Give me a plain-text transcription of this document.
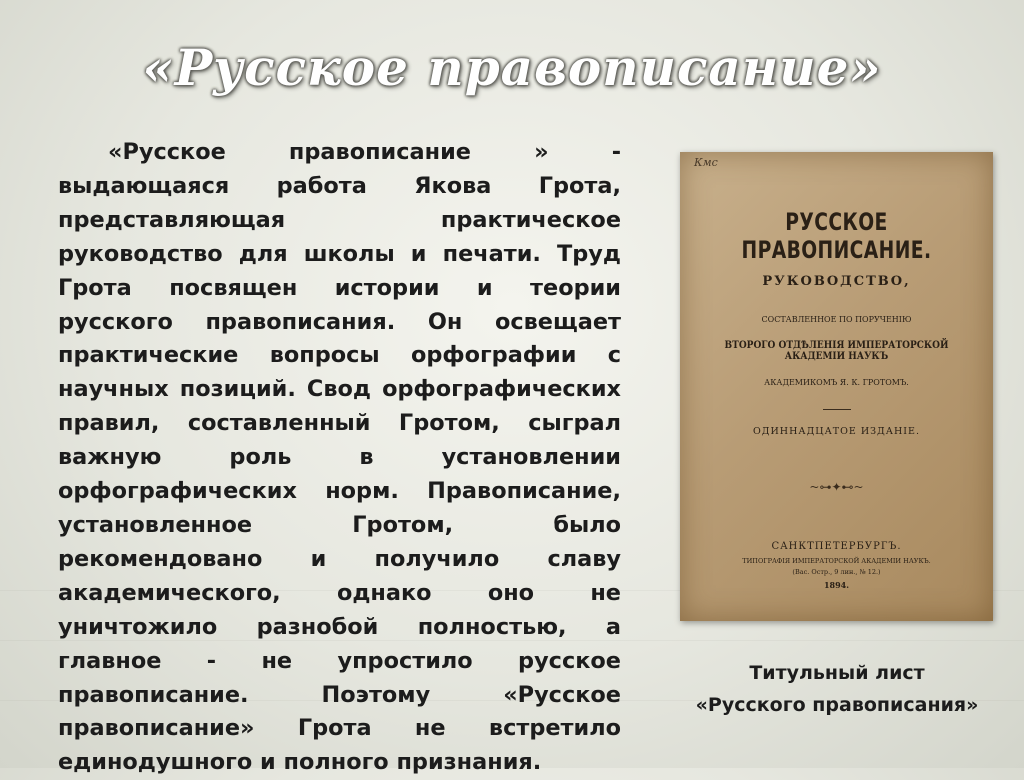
«Русское правописание»

«Русское правописание » - выдающаяся работа Якова Грота, представляющая практическое руководство для школы и печати. Труд Грота посвящен истории и теории русского правописания. Он освещает практические вопросы орфографии с научных позиций. Свод орфографических правил, составленный Гротом, сыграл важную роль в установлении орфографических норм. Правописание, установленное Гротом, было рекомендовано и получило славу академического, однако оно не уничтожило разнобой полностью, а главное - не упростило русское правописание. Поэтому «Русское правописание» Грота не встретило единодушного и полного признания.

Кмс
РУССКОЕ ПРАВОПИСАНИЕ.
РУКОВОДСТВО,
СОСТАВЛЕННОЕ ПО ПОРУЧЕНІЮ
ВТОРОГО ОТДѢЛЕНІЯ ИМПЕРАТОРСКОЙ АКАДЕМІИ НАУКЪ
АКАДЕМИКОМЪ Я. К. ГРОТОМЪ.
ОДИННАДЦАТОЕ ИЗДАНІЕ.
~⊶✦⊷~
САНКТПЕТЕРБУРГЪ.
ТИПОГРАФІЯ ИМПЕРАТОРСКОЙ АКАДЕМІИ НАУКЪ.
(Вас. Остр., 9 лин., № 12.)
1894.

Титульный лист
«Русского правописания»
